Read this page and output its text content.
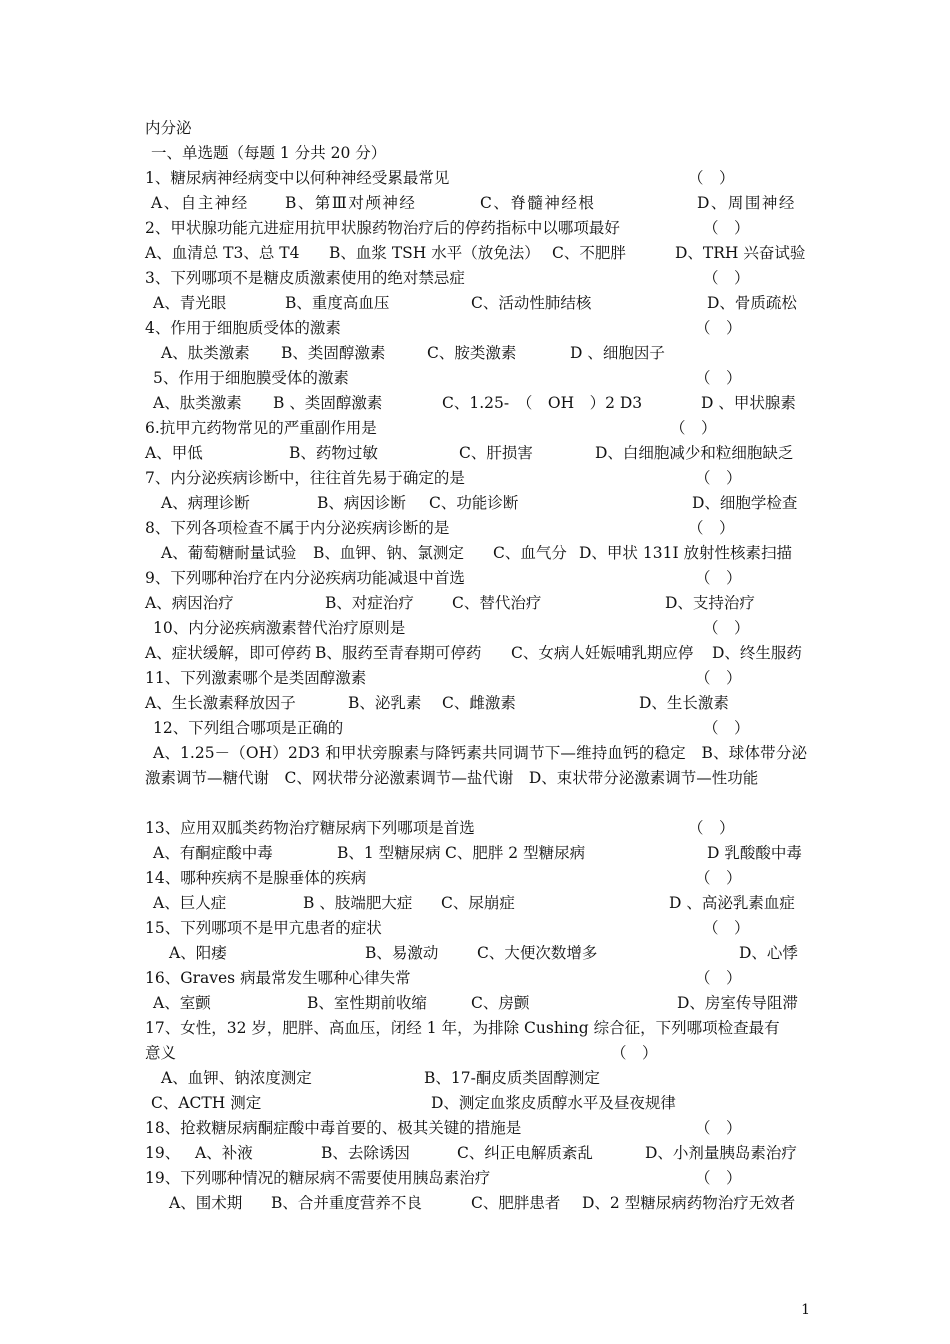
内分泌
一、单选题（每题 1 分共 20 分）
1、糖尿病神经病变中以何种神经受累最常见	（　）
A、自主神经 B、第Ⅲ对颅神经	C、脊髓神经根	D、周围神经
2、甲状腺功能亢进症用抗甲状腺药物治疗后的停药指标中以哪项最好	（　）
A、血清总 T3、总 T4 B、血浆 TSH 水平（放免法） C、不肥胖	D、TRH 兴奋试验
3、下列哪项不是糖皮质激素使用的绝对禁忌症	（　）
A、青光眼	B、重度高血压	C、活动性肺结核	D、骨质疏松
4、作用于细胞质受体的激素	（　）
A、肽类激素 B、类固醇激素	C、胺类激素	D 、细胞因子
5、作用于细胞膜受体的激素	（　）
A、肽类激素 B 、类固醇激素	C、1.25-　（　OH　）2 D3	D 、甲状腺素
6.抗甲亢药物常见的严重副作用是	（　）
A、甲低	B、药物过敏	C、肝损害	D、白细胞减少和粒细胞缺乏
7、内分泌疾病诊断中，往往首先易于确定的是	（　）
A、病理诊断	B、病因诊断 C、功能诊断	D、细胞学检查
8、下列各项检查不属于内分泌疾病诊断的是	（　）
A、葡萄糖耐量试验 B、血钾、钠、氯测定 C、血气分 D、甲状 131I 放射性核素扫描
9、下列哪种治疗在内分泌疾病功能减退中首选	（　）
A、病因治疗	B、对症治疗 C、替代治疗	D、支持治疗
10、内分泌疾病激素替代治疗原则是	（　）
A、症状缓解，即可停药 B、服药至青春期可停药 C、女病人妊娠哺乳期应停 D、终生服药
11、下列激素哪个是类固醇激素	（　）
A、生长激素释放因子	B、泌乳素 C、雌激素	D、生长激素
12、下列组合哪项是正确的	（　）
A、1.25－（OH）2D3 和甲状旁腺素与降钙素共同调节下—维持血钙的稳定　B、球体带分泌激素调节—糖代谢　C、网状带分泌激素调节—盐代谢　D、束状带分泌激素调节—性功能
13、应用双胍类药物治疗糖尿病下列哪项是首选	（　）
A、有酮症酸中毒	B、1 型糖尿病 C、肥胖 2 型糖尿病	D 乳酸酸中毒
14、哪种疾病不是腺垂体的疾病	（　）
A、巨人症	B 、肢端肥大症 C、尿崩症	D 、高泌乳素血症
15、下列哪项不是甲亢患者的症状	（　）
A、阳痿	B、易激动 C、大便次数增多	D、心悸
16、Graves 病最常发生哪种心律失常	（　）
A、室颤	B、室性期前收缩	C、房颤	D、房室传导阻滞
17、女性，32 岁，肥胖、高血压，闭经 1 年，为排除 Cushing 综合征，下列哪项检查最有
意义	（　）
A、血钾、钠浓度测定	B、17-酮皮质类固醇测定
C、ACTH 测定	D、测定血浆皮质醇水平及昼夜规律
18、抢救糖尿病酮症酸中毒首要的、极其关键的措施是	（　）
19、 A、补液	B、去除诱因	C、纠正电解质紊乱	D、小剂量胰岛素治疗
19、下列哪种情况的糖尿病不需要使用胰岛素治疗	（　）
A、围术期 B、合并重度营养不良	C、肥胖患者 D、2 型糖尿病药物治疗无效者
1
